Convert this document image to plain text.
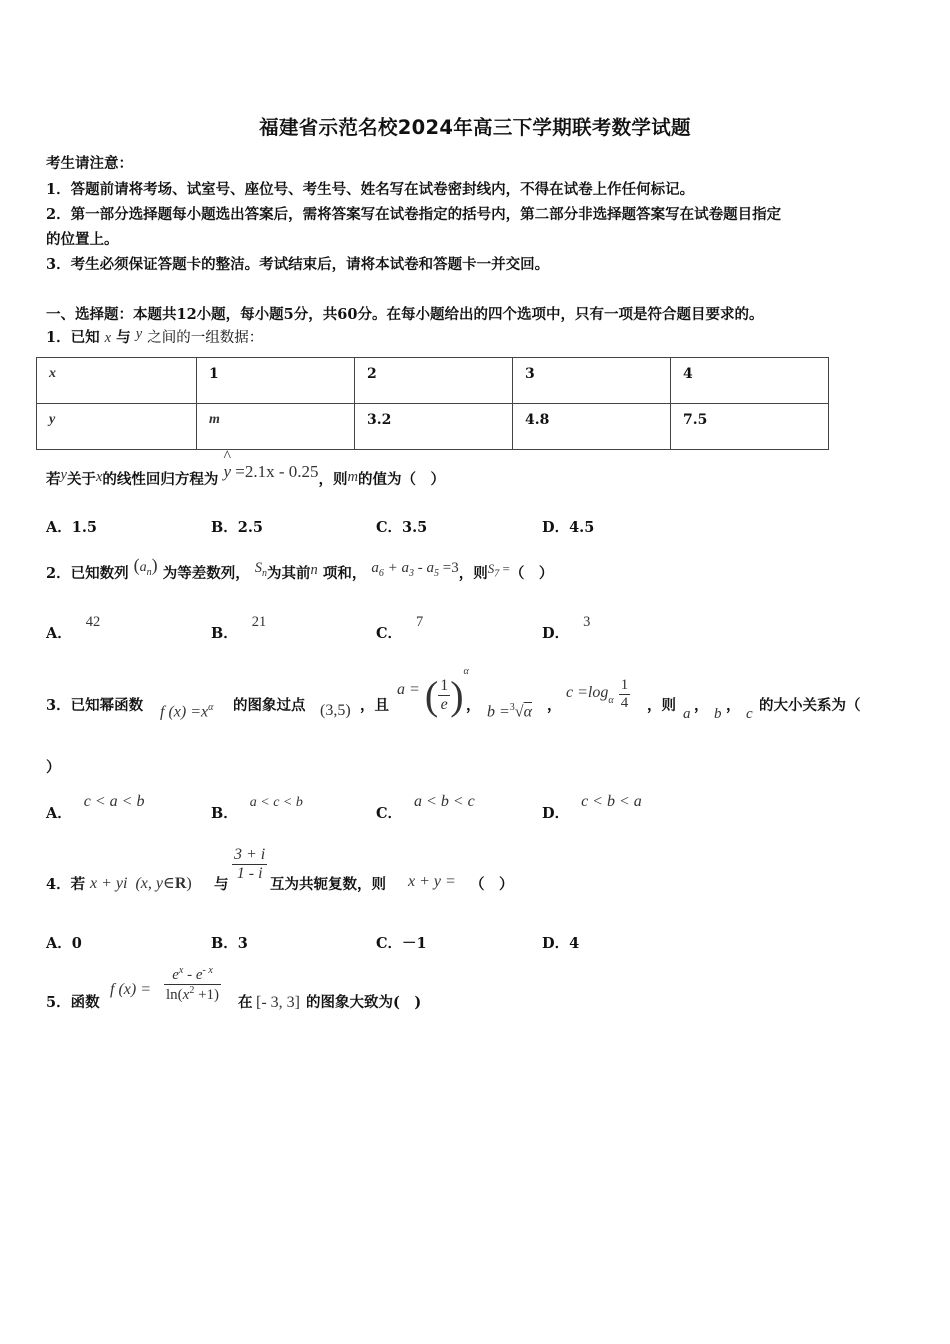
福建省示范名校2024年高三下学期联考数学试题
考生请注意：
1．答题前请将考场、试室号、座位号、考生号、姓名写在试卷密封线内，不得在试卷上作任何标记。
2．第一部分选择题每小题选出答案后，需将答案写在试卷指定的括号内，第二部分非选择题答案写在试卷题目指定
的位置上。
3．考生必须保证答题卡的整洁。考试结束后，请将本试卷和答题卡一并交回。
一、选择题：本题共12小题，每小题5分，共60分。在每小题给出的四个选项中，只有一项是符合题目要求的。
1．已知 x 与 y 之间的一组数据：
x	1	2	3	4
y	m	3.2	4.8	7.5
若y关于x的线性回归方程为
^
y =2.1x - 0.25，则m的值为（　）
A．1.5	B．2.5	C．3.5	D．4.5
2．已知数列 $(a_n)$ 为等差数列， $S_n$为其前n 项和， $a_6 + a_3 - a_5 =3$，则$S_7$ =（　）
A．42
B．21
C．7
D．3
3．已知幂函数 f $(x) =x^\alpha$ 的图象过点 (3,5) ，且
a = ( $\frac{1}{e} )^\alpha$
， b =$^3$√α ，
$c =\log_\alpha \frac{1}{4}$ ，则 a ， b ， c 的大小关系为（
）
A．c < a < b
B．a < c < b
C．a < b < c
D．c < b < a
4．若 x + yi (x, y∈R) 与
$\frac{3 + i}{1 - i}$
互为共轭复数，则 x + y = （　）
A．0	B．3	C．－1	D．4
5．函数
f $(x) = \frac{e^x - e^{- x}}{\ln(x^2 +1)}$ 在 [- 3, 3] 的图象大致为(　)
